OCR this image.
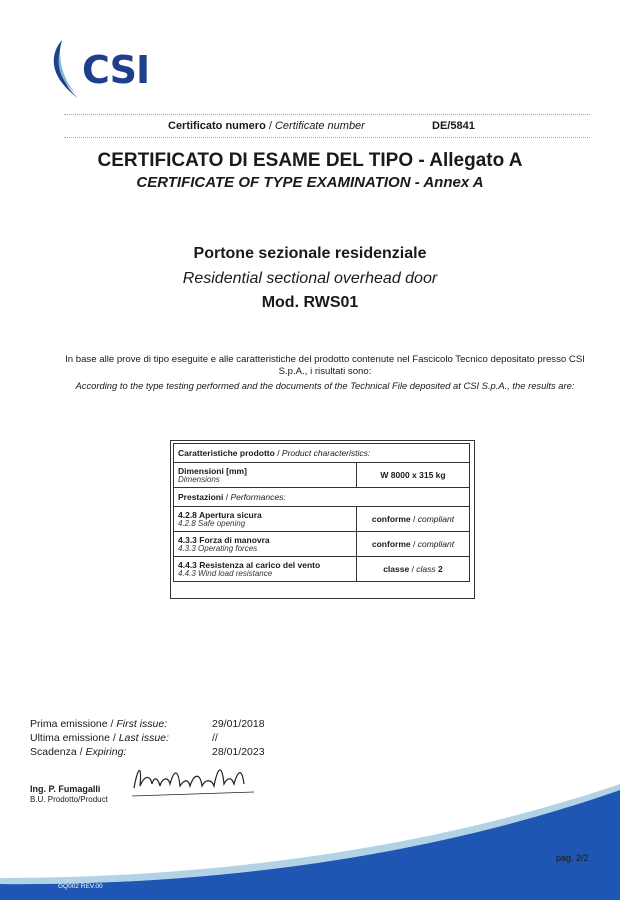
CSI
Certificato numero / Certificate number	DE/5841
CERTIFICATO DI ESAME DEL TIPO - Allegato A
CERTIFICATE OF TYPE EXAMINATION - Annex A
Portone sezionale residenziale
Residential sectional overhead door
Mod. RWS01
In base alle prove di tipo eseguite e alle caratteristiche del prodotto contenute nel Fascicolo Tecnico depositato presso CSI S.p.A., i risultati sono:
According to the type testing performed and the documents of the Technical File deposited at CSI S.p.A., the results are:
Caratteristiche prodotto / Product characteristics:	
Dimensioni [mm]
Dimensions	W 8000 x 315 kg
Prestazioni / Performances:	
4.2.8 Apertura sicura
4.2.8 Safe opening	conforme / compliant
4.3.3 Forza di manovra
4.3.3 Operating forces	conforme / compliant
4.4.3 Resistenza al carico del vento
4.4.3 Wind load resistance	classe / class 2
Prima emissione / First issue:	29/01/2018
Ultima emissione / Last issue:	//
Scadenza / Expiring:	28/01/2023
Ing. P. Fumagalli
B.U. Prodotto/Product
pag. 2/2
GQ002 REV.00
